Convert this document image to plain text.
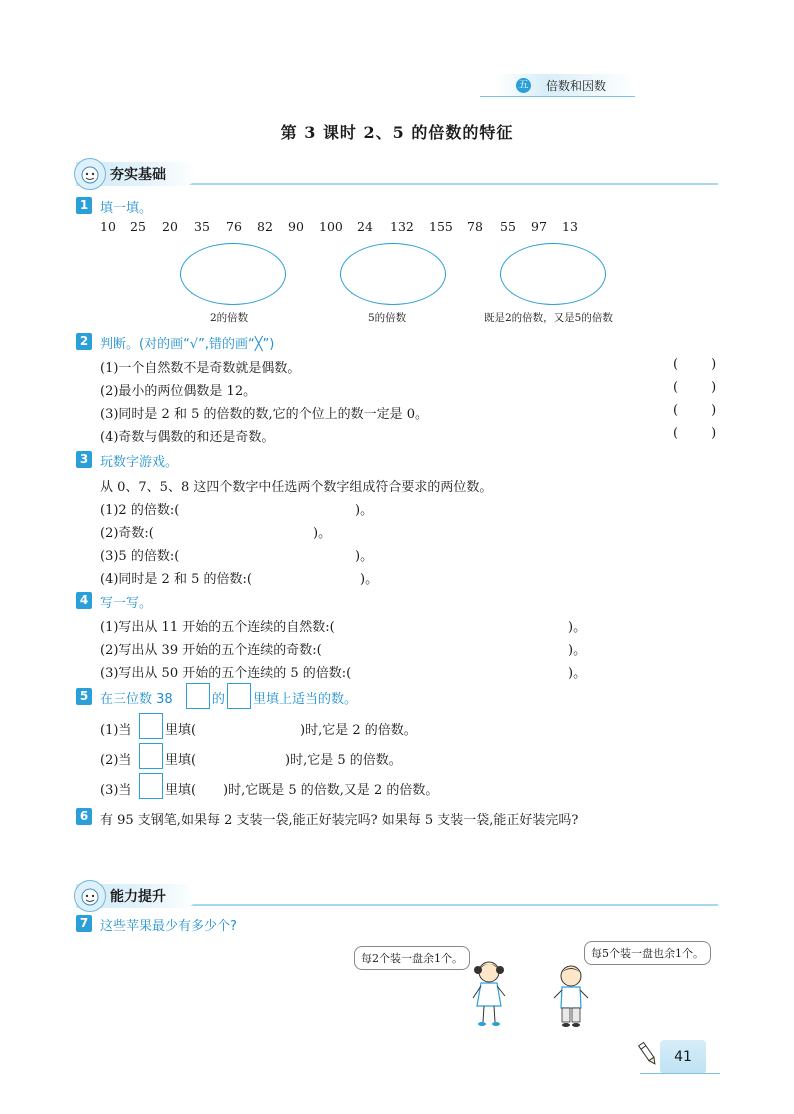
五 倍数和因数
第 3 课时 2、5 的倍数的特征
夯实基础
1 填一填。
10 25 20 35 76 82 90 100 24 132 155 78 55 97 13
2的倍数	5的倍数	既是2的倍数，又是5的倍数
2 判断。(对的画“√”,错的画“╳”)
(1)一个自然数不是奇数就是偶数。
(2)最小的两位偶数是 12。
(3)同时是 2 和 5 的倍数的数,它的个位上的数一定是 0。
(4)奇数与偶数的和还是奇数。
(        )
(        )
(        )
(        )
3 玩数字游戏。
从 0、7、5、8 这四个数字中任选两个数字组成符合要求的两位数。
(1)2 的倍数:(	)。
(2)奇数:(	)。
(3)5 的倍数:(	)。
(4)同时是 2 和 5 的倍数:(	)。
4 写一写。
(1)写出从 11 开始的五个连续的自然数:(	)。
(2)写出从 39 开始的五个连续的奇数:(	)。
(3)写出从 50 开始的五个连续的 5 的倍数:(	)。
5 在三位数 38	的 里填上适当的数。
(1)当	里填(	)时,它是 2 的倍数。
(2)当	里填(	)时,它是 5 的倍数。
(3)当	里填( )时,它既是 5 的倍数,又是 2 的倍数。
6 有 95 支钢笔,如果每 2 支装一袋,能正好装完吗? 如果每 5 支装一袋,能正好装完吗?
能力提升
7 这些苹果最少有多少个?
每2个装一盘余1个。	每5个装一盘也余1个。
41
